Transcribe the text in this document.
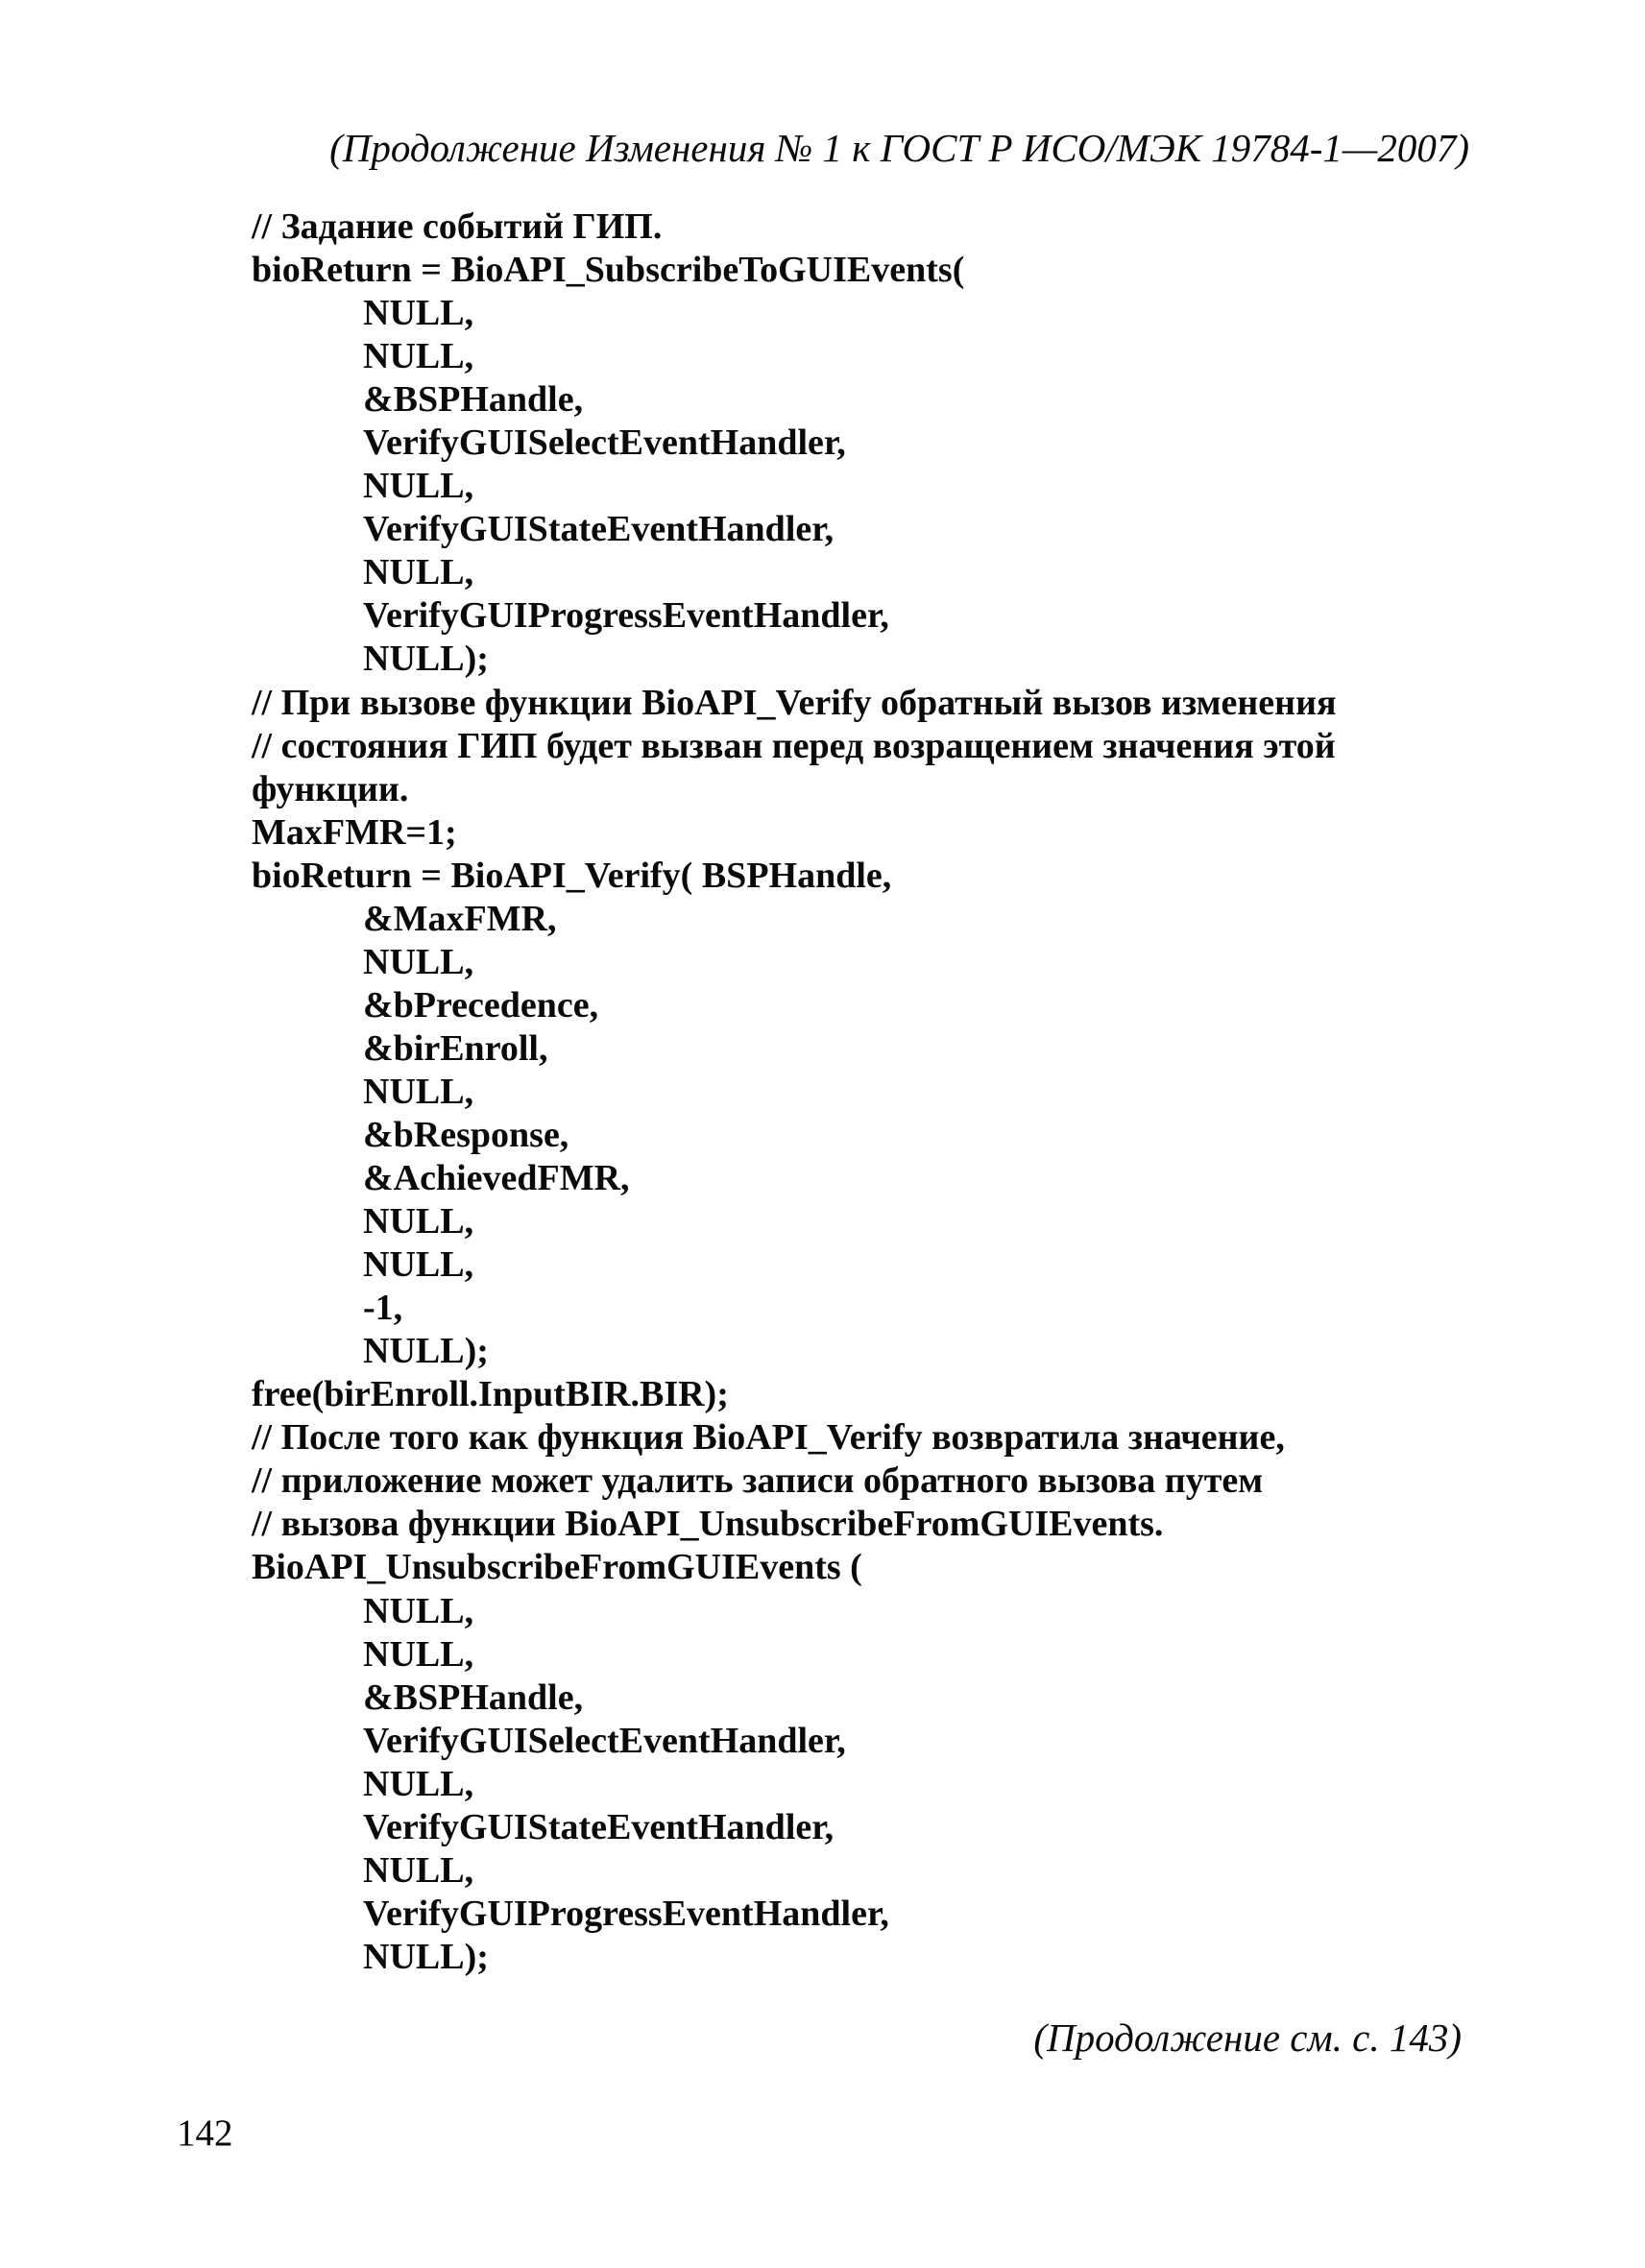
(Продолжение Изменения № 1 к ГОСТ Р ИСО/МЭК 19784-1—2007)
// Задание событий ГИП.
bioReturn = BioAPI_SubscribeToGUIEvents(
NULL,
NULL,
&BSPHandle,
VerifyGUISelectEventHandler,
NULL,
VerifyGUIStateEventHandler,
NULL,
VerifyGUIProgressEventHandler,
NULL);
// При вызове функции BioAPI_Verify обратный вызов изменения
// состояния ГИП будет вызван перед возращением значения этой
функции.
MaxFMR=1;
bioReturn = BioAPI_Verify( BSPHandle,
&MaxFMR,
NULL,
&bPrecedence,
&birEnroll,
NULL,
&bResponse,
&AchievedFMR,
NULL,
NULL,
-1,
NULL);
free(birEnroll.InputBIR.BIR);
// После того как функция BioAPI_Verify возвратила значение,
// приложение может удалить записи обратного вызова путем
// вызова функции BioAPI_UnsubscribeFromGUIEvents.
BioAPI_UnsubscribeFromGUIEvents (
NULL,
NULL,
&BSPHandle,
VerifyGUISelectEventHandler,
NULL,
VerifyGUIStateEventHandler,
NULL,
VerifyGUIProgressEventHandler,
NULL);
(Продолжение см. с. 143)
142
